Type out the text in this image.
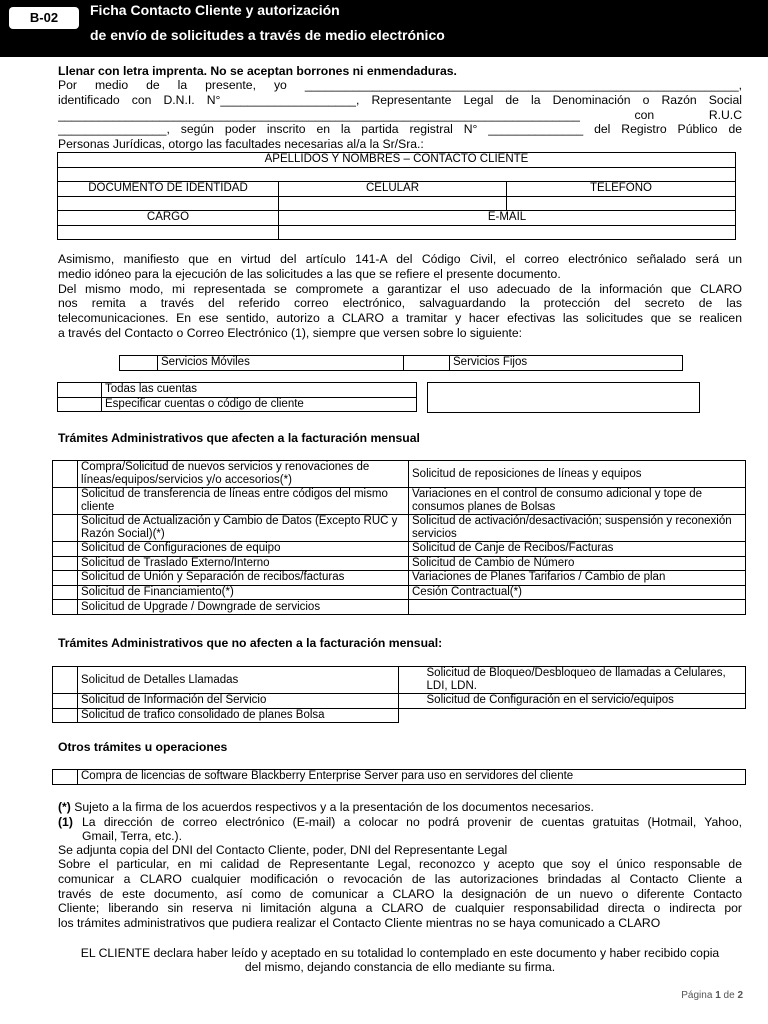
B-02	Ficha Contacto Cliente y autorización
de envío de solicitudes a través de medio electrónico
Llenar con letra imprenta. No se aceptan borrones ni enmendaduras.
Por medio de la presente, yo ________________________________________________________________,
identificado con D.N.I. N°____________________, Representante Legal de la Denominación o Razón Social
_____________________________________________________________________________ con R.U.C
________________, según poder inscrito en la partida registral N° ______________ del Registro Público de
Personas Jurídicas, otorgo las facultades necesarias al/a la Sr/Sra.:
APELLIDOS Y NOMBRES – CONTACTO CLIENTE		

DOCUMENTO DE IDENTIDAD	CELULAR	TELEFONO

CARGO	E-MAIL	

Asimismo, manifiesto que en virtud del artículo 141-A del Código Civil, el correo electrónico señalado será un
medio idóneo para la ejecución de las solicitudes a las que se refiere el presente documento.
Del mismo modo, mi representada se compromete a garantizar el uso adecuado de la información que CLARO
nos remita a través del referido correo electrónico, salvaguardando la protección del secreto de las
telecomunicaciones. En ese sentido, autorizo a CLARO a tramitar y hacer efectivas las solicitudes que se realicen
a través del Contacto o Correo Electrónico (1), siempre que versen sobre lo siguiente:
	Servicios Móviles		Servicios Fijos
	Todas las cuentas
	Especificar cuentas o código de cliente
Trámites Administrativos que afecten a la facturación mensual
	Compra/Solicitud de nuevos servicios y renovaciones de líneas/equipos/servicios y/o accesorios(*)	Solicitud de reposiciones de líneas y equipos
	Solicitud de transferencia de líneas entre códigos del mismo cliente	Variaciones en el control de consumo adicional y tope de consumos planes de Bolsas
	Solicitud de Actualización y Cambio de Datos (Excepto RUC y Razón Social)(*)	Solicitud de activación/desactivación; suspensión y reconexión servicios
	Solicitud de Configuraciones de equipo	Solicitud de Canje de Recibos/Facturas
	Solicitud de Traslado Externo/Interno	Solicitud de Cambio de Número
	Solicitud de Unión y Separación de recibos/facturas	Variaciones de Planes Tarifarios / Cambio de plan
	Solicitud de Financiamiento(*)	Cesión Contractual(*)
	Solicitud de Upgrade / Downgrade de servicios	
Trámites Administrativos que no afecten a la facturación mensual:
	Solicitud de Detalles Llamadas		Solicitud de Bloqueo/Desbloqueo de llamadas a Celulares, LDI, LDN.
	Solicitud de Información del Servicio		Solicitud de Configuración en el servicio/equipos
	Solicitud de trafico consolidado de planes Bolsa		
Otros trámites u operaciones
	Compra de licencias de software Blackberry Enterprise Server para uso en servidores del cliente
(*) Sujeto a la firma de los acuerdos respectivos y a la presentación de los documentos necesarios.
(1) La dirección de correo electrónico (E-mail) a colocar no podrá provenir de cuentas gratuitas (Hotmail, Yahoo,
Gmail, Terra, etc.).
Se adjunta copia del DNI del Contacto Cliente, poder, DNI del Representante Legal
Sobre el particular, en mi calidad de Representante Legal, reconozco y acepto que soy el único responsable de
comunicar a CLARO cualquier modificación o revocación de las autorizaciones brindadas al Contacto Cliente a
través de este documento, así como de comunicar a CLARO la designación de un nuevo o diferente Contacto
Cliente; liberando sin reserva ni limitación alguna a CLARO de cualquier responsabilidad directa o indirecta por
los trámites administrativos que pudiera realizar el Contacto Cliente mientras no se haya comunicado a CLARO
EL CLIENTE declara haber leído y aceptado en su totalidad lo contemplado en este documento y haber recibido copia
del mismo, dejando constancia de ello mediante su firma.
Página 1 de 2
